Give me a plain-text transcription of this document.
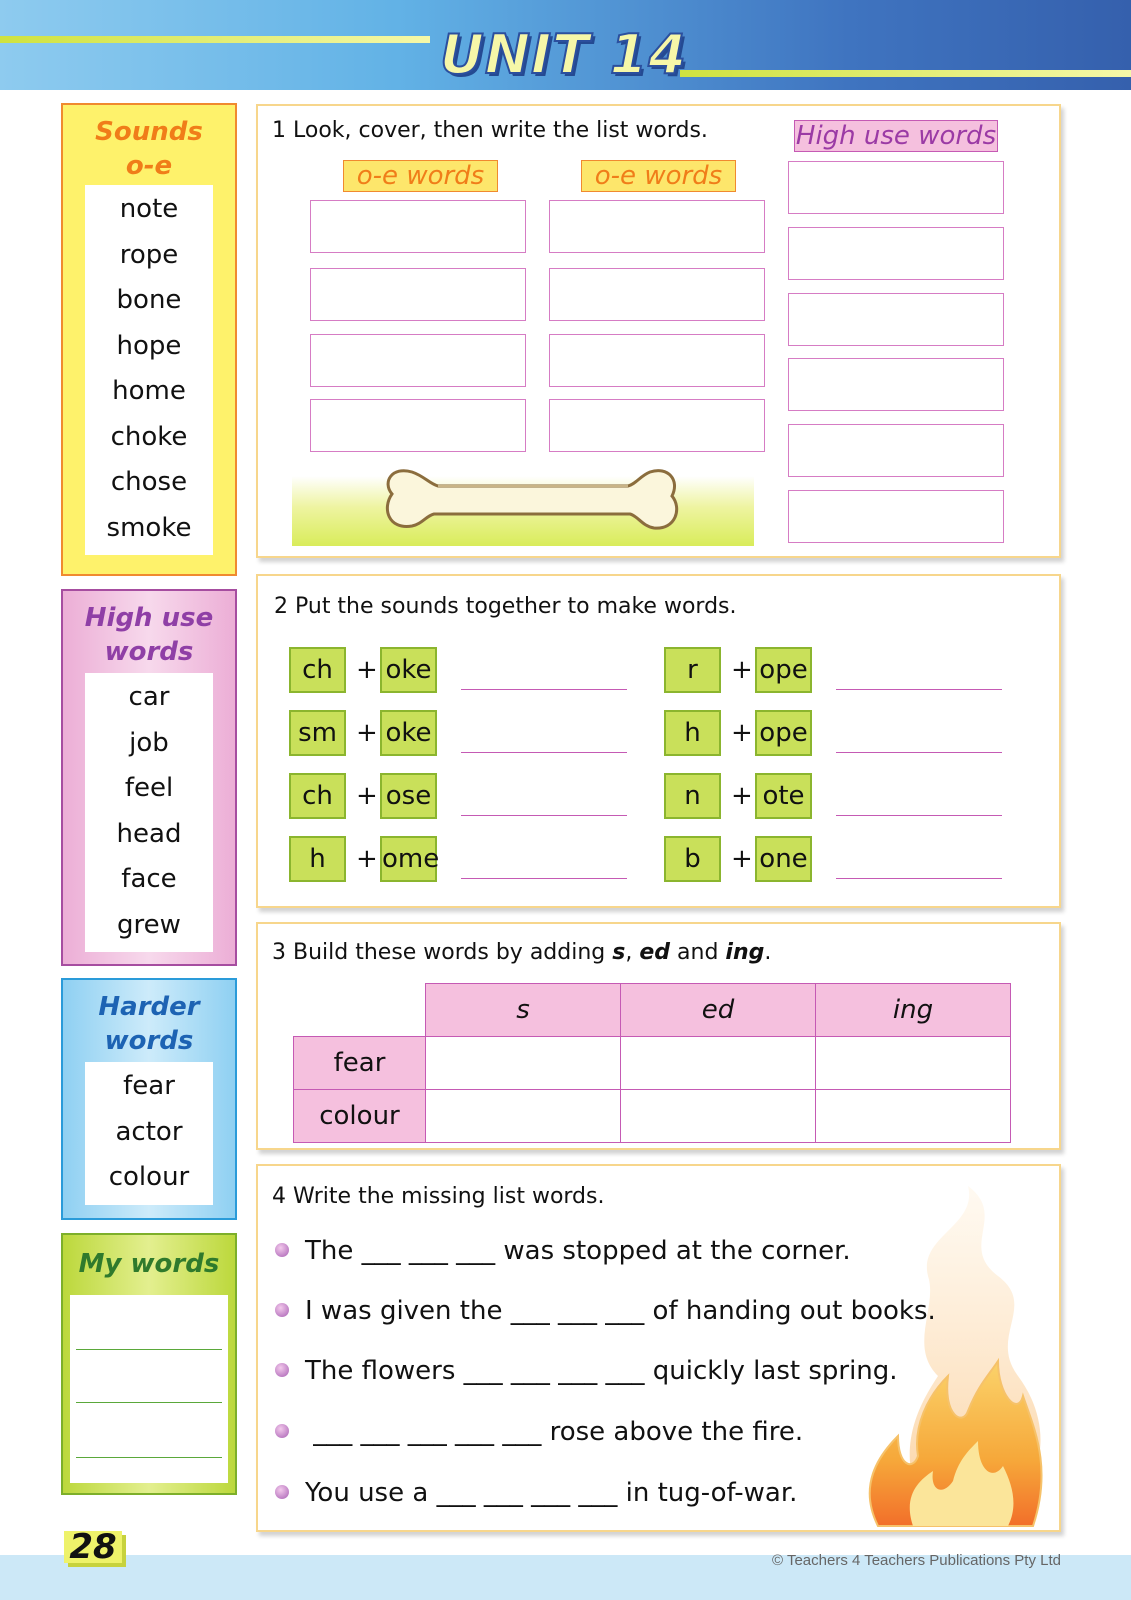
UNIT 14
Sounds
o-e
note
rope
bone
hope
home
choke
chose
smoke
High use
words
car
job
feel
head
face
grew
Harder
words
fear
actor
colour
My words
1 Look, cover, then write the list words.
o-e words	o-e words
High use words
2 Put the sounds together to make words.
ch + oke
sm + oke
ch + ose
h	+ ome
r	+ ope
h	+ ope
n	+ ote
b	+ one
3 Build these words by adding s, ed and ing.
	s	ed	ing
fear			
colour			
4 Write the missing list words.
The ___ ___ ___ was stopped at the corner.
I was given the ___ ___ ___ of handing out books.
The flowers ___ ___ ___ ___ quickly last spring.
___ ___ ___ ___ ___ rose above the fire.
You use a ___ ___ ___ ___ in tug-of-war.
28	© Teachers 4 Teachers Publications Pty Ltd
